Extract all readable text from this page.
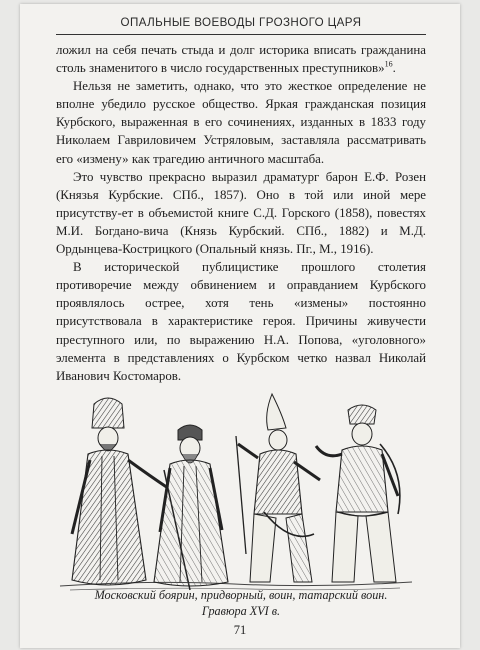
ОПАЛЬНЫЕ ВОЕВОДЫ ГРОЗНОГО ЦАРЯ

ложил на себя печать стыда и долг историка вписать гражданина столь знаменитого в число государственных преступников»$^{16}$.

Нельзя не заметить, однако, что это жесткое определение не вполне убедило русское общество. Яркая гражданская позиция Курбского, выраженная в его сочинениях, изданных в 1833 году Николаем Гавриловичем Устряловым, заставляла рассматривать его «измену» как трагедию античного масштаба.

Это чувство прекрасно выразил драматург барон Е.Ф. Розен (Князья Курбские. СПб., 1857). Оно в той или иной мере присутству-ет в объемистой книге С.Д. Горского (1858), повестях М.И. Богдано-вича (Князь Курбский. СПб., 1882) и М.Д. Ордынцева-Кострицкого (Опальный князь. Пг., М., 1916).

В исторической публицистике прошлого столетия противоречие между обвинением и оправданием Курбского проявлялось острее, хотя тень «измены» постоянно присутствовала в характеристике героя. Причины живучести преступного или, по выражению Н.А. Попова, «уголовного» элемента в представлениях о Курбском четко назвал Николай Иванович Костомаров.

Московский боярин, придворный, воин, татарский воин.
Гравюра XVI в.
71
